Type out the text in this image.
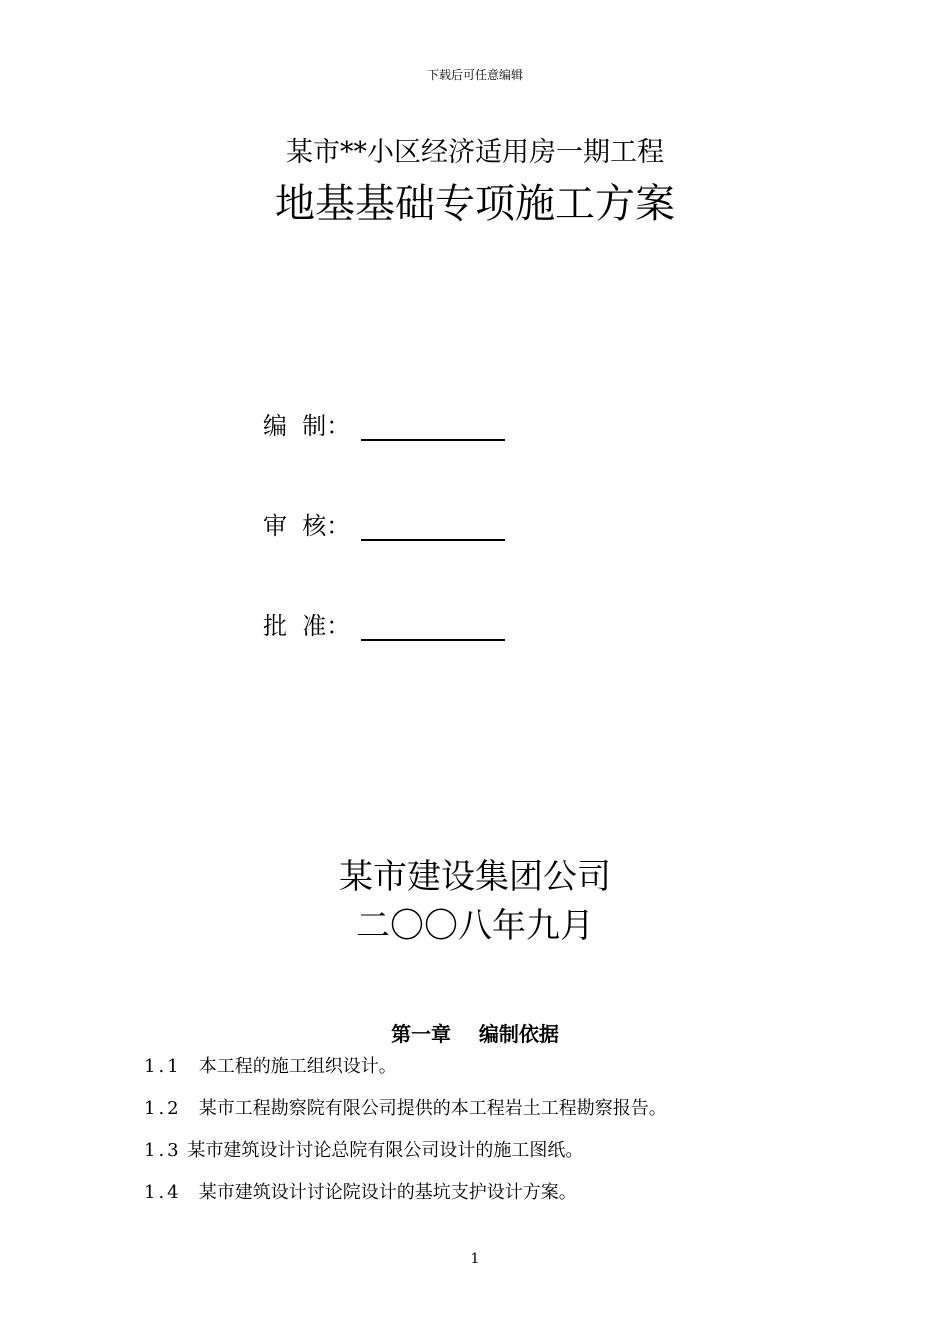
下载后可任意编辑
某市**小区经济适用房一期工程
地基基础专项施工方案
编  制：
审  核：
批  准：
某市建设集团公司
二〇〇八年九月
第一章    编制依据
1.1   本工程的施工组织设计。
1.2   某市工程勘察院有限公司提供的本工程岩土工程勘察报告。
1.3 某市建筑设计讨论总院有限公司设计的施工图纸。
1.4   某市建筑设计讨论院设计的基坑支护设计方案。
1
